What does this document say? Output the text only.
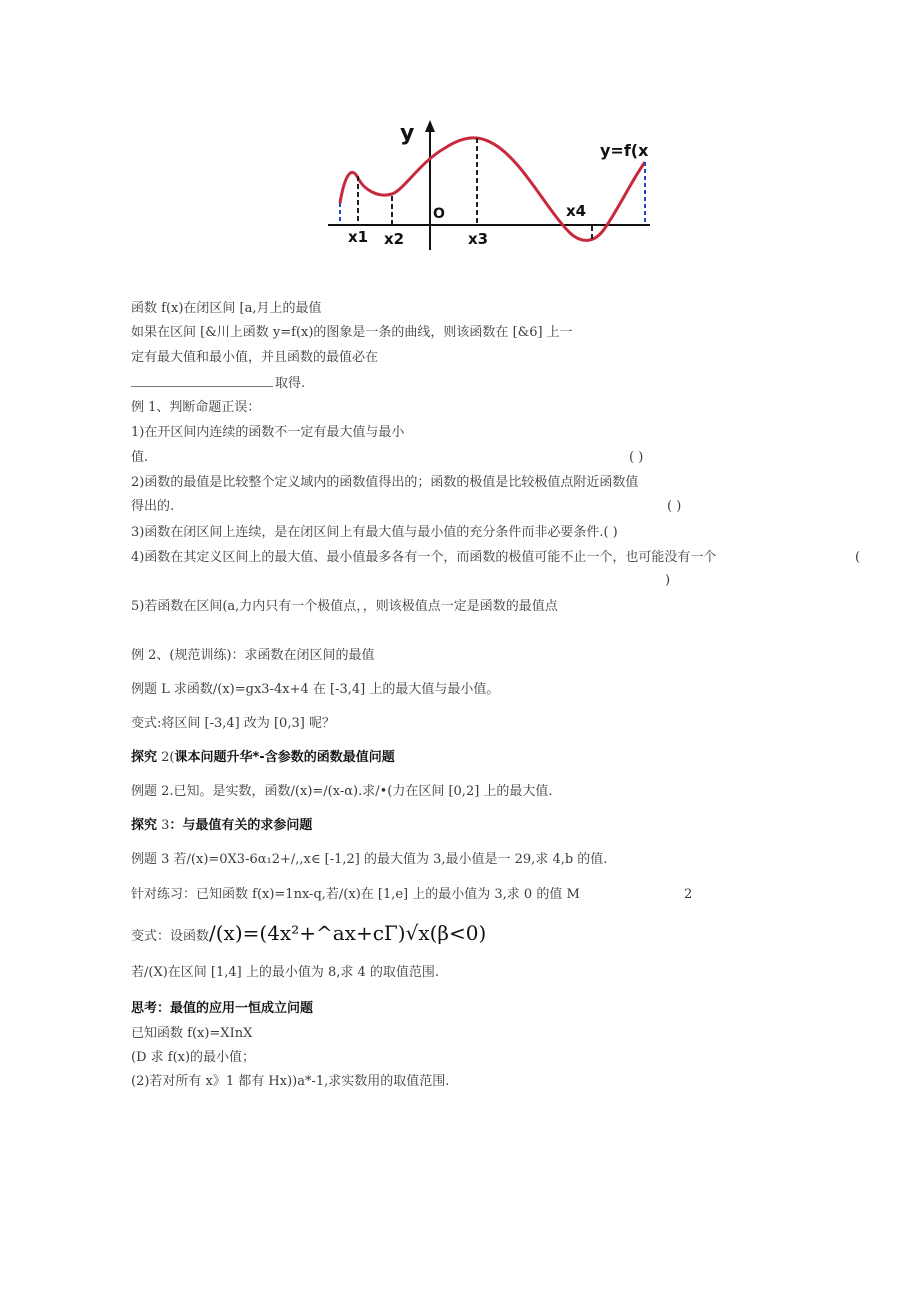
y
O
x1 x2	x3
x4
y=f(x
函数 f(x)在闭区间 [a,月上的最值
如果在区间 [&川上函数 y=f(x)的图象是一条的曲线，则该函数在 [&6] 上一
定有最大值和最小值，并且函数的最值必在
取得.
例 1、判断命题正误：
1)在开区间内连续的函数不一定有最大值与最小
值.	( )
2)函数的最值是比较整个定义域内的函数值得出的；函数的极值是比较极值点附近函数值
得出的.	( )
3)函数在闭区间上连续，是在闭区间上有最大值与最小值的充分条件而非必要条件.( )
4)函数在其定义区间上的最大值、最小值最多各有一个，而函数的极值可能不止一个，也可能没有一个	(
)
5)若函数在区间(a,力内只有一个极值点，，则该极值点一定是函数的最值点
例 2、(规范训练)：求函数在闭区间的最值
例题 L 求函数/(x)=gx3-4x+4 在 [-3,4] 上的最大值与最小值。
变式:将区间 [-3,4] 改为 [0,3] 呢？
探究 2(课本问题升华*-含参数的函数最值问题
例题 2.已知。是实数，函数/(x)=/(x-α).求/•(力在区间 [0,2] 上的最大值.
探究 3：与最值有关的求参问题
例题 3 若/(x)=0X3-6α₁2+/,,x∈ [-1,2] 的最大值为 3,最小值是一 29,求 4,b 的值.
针对练习：已知函数 f(x)=1nx-q,若/(x)在 [1,e] 上的最小值为 3,求 0 的值 M	2
变式：设函数/(x)=(4x²+^ax+cΓ)√x(β<0)
若/(X)在区间 [1,4] 上的最小值为 8,求 4 的取值范围.
思考：最值的应用一恒成立问题
已知函数 f(x)=XInX
(D 求 f(x)的最小值；
(2)若对所有 x》1 都有 Hx))a*-1,求实数用的取值范围.
